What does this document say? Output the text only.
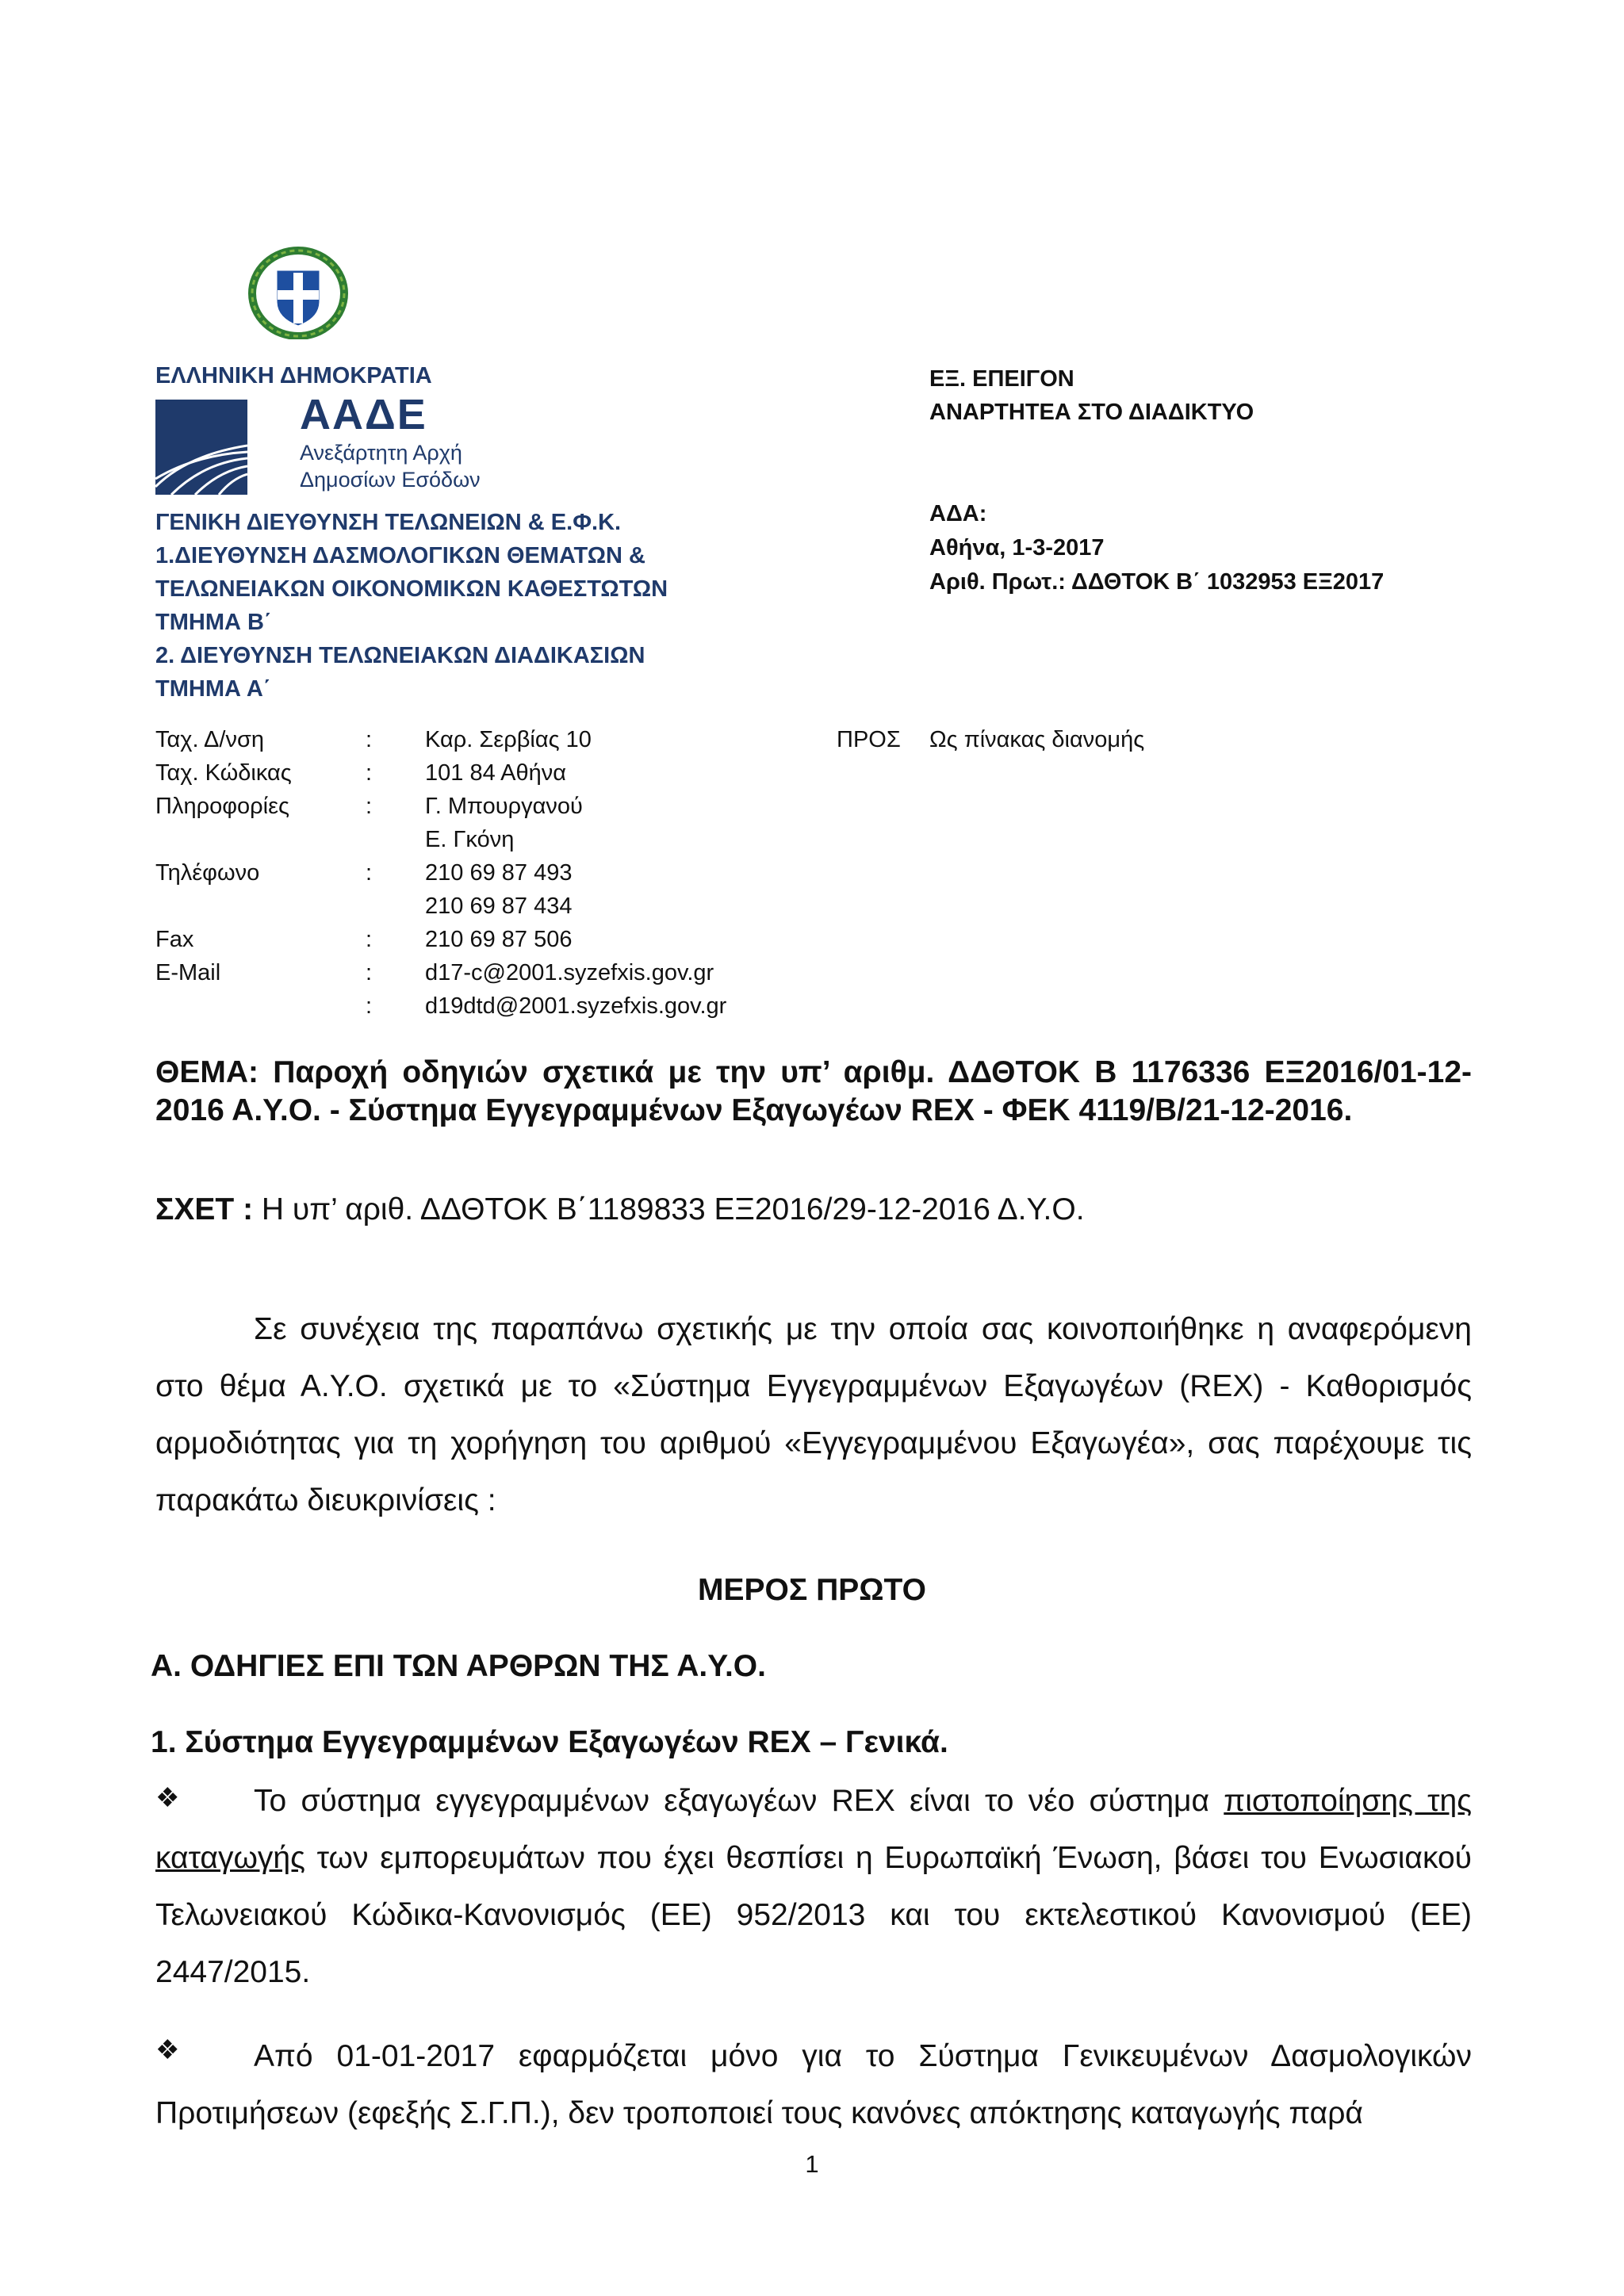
ΕΛΛΗΝΙΚΗ ΔΗΜΟΚΡΑΤΙΑ
ΑΑΔΕ
Ανεξάρτητη Αρχή
Δημοσίων Εσόδων
ΓΕΝΙΚΗ ΔΙΕΥΘΥΝΣΗ ΤΕΛΩΝΕΙΩΝ & Ε.Φ.Κ.
1.ΔΙΕΥΘΥΝΣΗ ΔΑΣΜΟΛΟΓΙΚΩΝ ΘΕΜΑΤΩΝ &
ΤΕΛΩΝΕΙΑΚΩΝ ΟΙΚΟΝΟΜΙΚΩΝ ΚΑΘΕΣΤΩΤΩΝ
ΤΜΗΜΑ Β΄
2. ΔΙΕΥΘΥΝΣΗ ΤΕΛΩΝΕΙΑΚΩΝ ΔΙΑΔΙΚΑΣΙΩΝ
ΤΜΗΜΑ Α΄
ΕΞ. ΕΠΕΙΓΟΝ
ΑΝΑΡΤΗΤΕΑ ΣΤΟ ΔΙΑΔΙΚΤΥΟ
ΑΔΑ:
Αθήνα, 1-3-2017
Αριθ. Πρωτ.: ΔΔΘΤΟΚ Β΄ 1032953 ΕΞ2017
Ταχ. Δ/νση	: Καρ. Σερβίας 10
Ταχ. Κώδικας	: 101 84 Αθήνα
Πληροφορίες	: Γ. Μπουργανού
Ε. Γκόνη
Τηλέφωνο	: 210 69 87 493
210 69 87 434
Fax	: 210 69 87 506
E-Mail	: d17-c@2001.syzefxis.gov.gr
: d19dtd@2001.syzefxis.gov.gr
ΠΡΟΣ Ως πίνακας διανομής
ΘΕΜΑ: Παροχή οδηγιών σχετικά με την υπ’ αριθμ. ΔΔΘΤΟΚ Β 1176336 ΕΞ2016/01-12-2016 Α.Υ.Ο. - Σύστημα Εγγεγραμμένων Εξαγωγέων REX - ΦΕΚ 4119/Β/21-12-2016.
ΣΧΕΤ : Η υπ’ αριθ. ΔΔΘΤΟΚ Β΄1189833 ΕΞ2016/29-12-2016 Δ.Υ.Ο.
Σε συνέχεια της παραπάνω σχετικής με την οποία σας κοινοποιήθηκε η αναφερόμενη στο θέμα Α.Υ.Ο. σχετικά με το «Σύστημα Εγγεγραμμένων Εξαγωγέων (REX) - Καθορισμός αρμοδιότητας για τη χορήγηση του αριθμού «Εγγεγραμμένου Εξαγωγέα», σας παρέχουμε τις παρακάτω διευκρινίσεις :
ΜΕΡΟΣ ΠΡΩΤΟ
Α. ΟΔΗΓΙΕΣ ΕΠΙ ΤΩΝ ΑΡΘΡΩΝ ΤΗΣ Α.Υ.Ο.
1. Σύστημα Εγγεγραμμένων Εξαγωγέων REX – Γενικά.
❖	Το σύστημα εγγεγραμμένων εξαγωγέων REX είναι το νέο σύστημα πιστοποίησης της καταγωγής των εμπορευμάτων που έχει θεσπίσει η Ευρωπαϊκή Ένωση, βάσει του Ενωσιακού Τελωνειακού Κώδικα-Κανονισμός (ΕΕ) 952/2013 και του εκτελεστικού Κανονισμού (ΕΕ) 2447/2015.
❖	Από 01-01-2017 εφαρμόζεται μόνο για το Σύστημα Γενικευμένων Δασμολογικών Προτιμήσεων (εφεξής Σ.Γ.Π.), δεν τροποποιεί τους κανόνες απόκτησης καταγωγής παρά
1
